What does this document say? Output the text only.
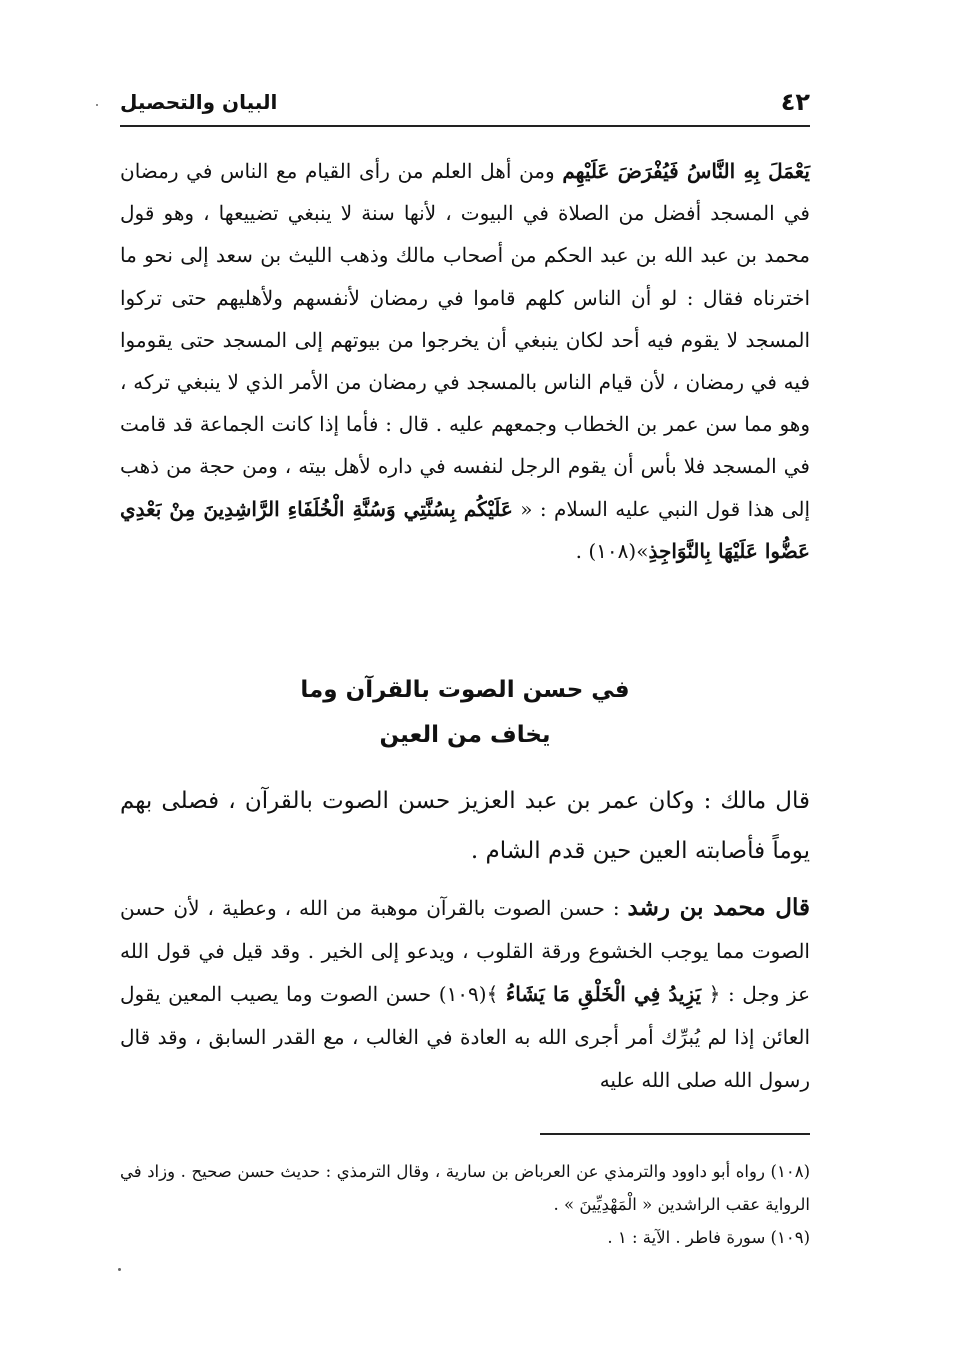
٤٢
البيان والتحصيل

يَعْمَلَ بِهِ النَّاسُ فَيُفْرَضَ عَلَيْهِم ومن أهل العلم من رأى القيام مع الناس في رمضان في المسجد أفضل من الصلاة في البيوت ، لأنها سنة لا ينبغي تضييعها ، وهو قول محمد بن عبد الله بن عبد الحكم من أصحاب مالك وذهب الليث بن سعد إلى نحو ما اخترناه فقال : لو أن الناس كلهم قاموا في رمضان لأنفسهم ولأهليهم حتى تركوا المسجد لا يقوم فيه أحد لكان ينبغي أن يخرجوا من بيوتهم إلى المسجد حتى يقوموا فيه في رمضان ، لأن قيام الناس بالمسجد في رمضان من الأمر الذي لا ينبغي تركه ، وهو مما سن عمر بن الخطاب وجمعهم عليه . قال : فأما إذا كانت الجماعة قد قامت في المسجد فلا بأس أن يقوم الرجل لنفسه في داره لأهل بيته ، ومن حجة من ذهب إلى هذا قول النبي عليه السلام : « عَلَيْكُم بِسُنَّتِي وَسُنَّةِ الْخُلَفَاءِ الرَّاشِدِينَ مِنْ بَعْدِي عَضُّوا عَلَيْهَا بِالنَّوَاجِذِ»(١٠٨) .

في حسن الصوت بالقرآن وما
يخاف من العين

قال مالك : وكان عمر بن عبد العزيز حسن الصوت بالقرآن ، فصلى بهم يوماً فأصابته العين حين قدم الشام .

قال محمد بن رشد : حسن الصوت بالقرآن موهبة من الله ، وعطية ، لأن حسن الصوت مما يوجب الخشوع ورقة القلوب ، ويدعو إلى الخير . وقد قيل في قول الله عز وجل : ﴿ يَزِيدُ فِي الْخَلْقِ مَا يَشَاءُ ﴾(١٠٩) حسن الصوت وما يصيب المعين يقول العائن إذا لم يُبرِّك أمر أجرى الله به العادة في الغالب ، مع القدر السابق ، وقد قال رسول الله صلى الله عليه

(١٠٨) رواه أبو داوود والترمذي عن العرباض بن سارية ، وقال الترمذي : حديث حسن صحيح . وزاد في الرواية عقب الراشدين « الْمَهْدِيِّينَ » .

(١٠٩) سورة فاطر . الآية : ١ .
